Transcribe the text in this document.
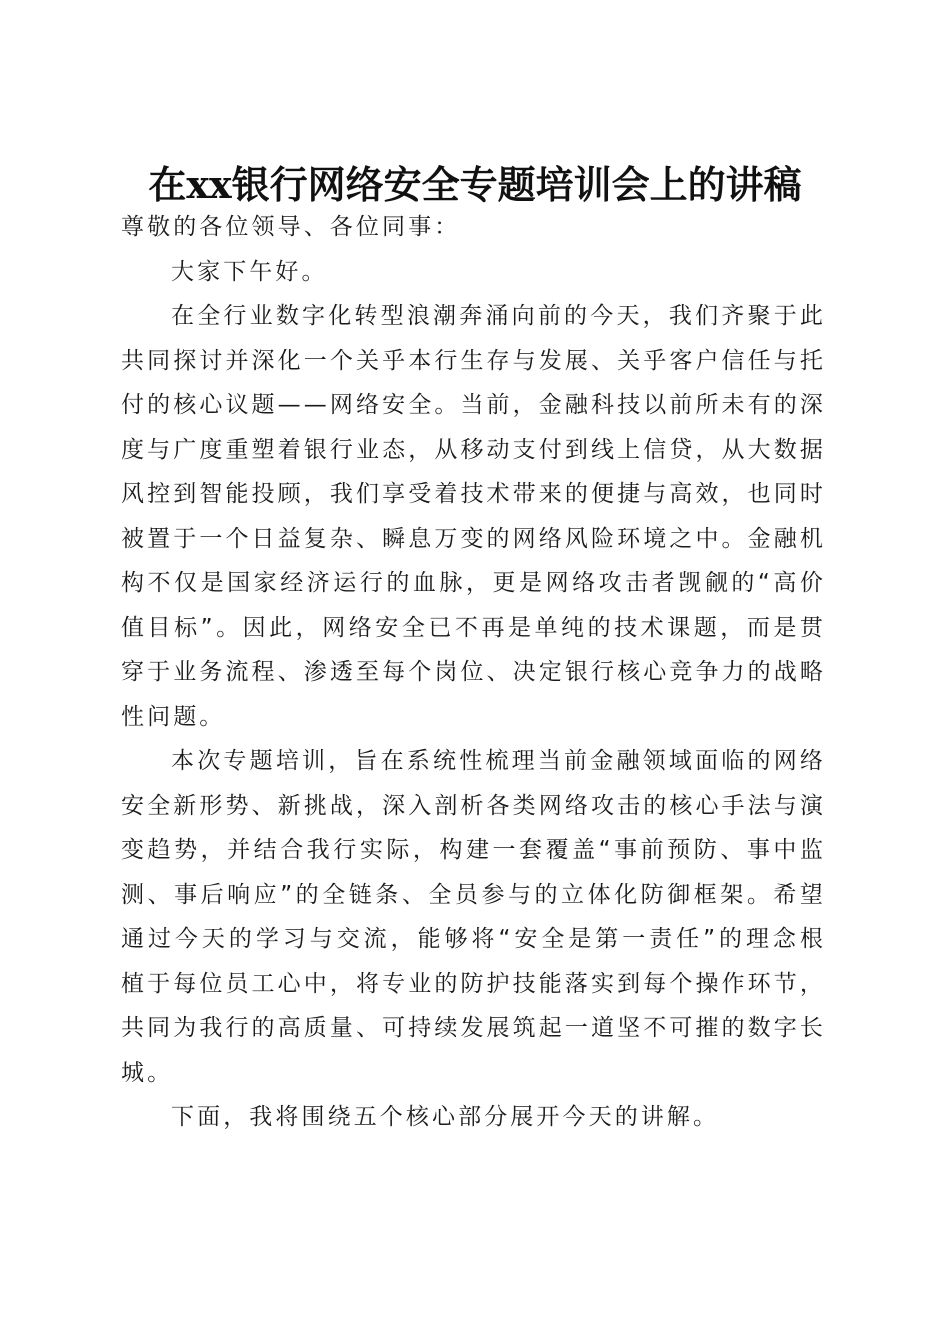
在xx银行网络安全专题培训会上的讲稿

尊敬的各位领导、各位同事：

大家下午好。

在全行业数字化转型浪潮奔涌向前的今天，我们齐聚于此共同探讨并深化一个关乎本行生存与发展、关乎客户信任与托付的核心议题——网络安全。当前，金融科技以前所未有的深度与广度重塑着银行业态，从移动支付到线上信贷，从大数据风控到智能投顾，我们享受着技术带来的便捷与高效，也同时被置于一个日益复杂、瞬息万变的网络风险环境之中。金融机构不仅是国家经济运行的血脉，更是网络攻击者觊觎的“高价值目标”。因此，网络安全已不再是单纯的技术课题，而是贯穿于业务流程、渗透至每个岗位、决定银行核心竞争力的战略性问题。

本次专题培训，旨在系统性梳理当前金融领域面临的网络安全新形势、新挑战，深入剖析各类网络攻击的核心手法与演变趋势，并结合我行实际，构建一套覆盖“事前预防、事中监测、事后响应”的全链条、全员参与的立体化防御框架。希望通过今天的学习与交流，能够将“安全是第一责任”的理念根植于每位员工心中，将专业的防护技能落实到每个操作环节，共同为我行的高质量、可持续发展筑起一道坚不可摧的数字长城。

下面，我将围绕五个核心部分展开今天的讲解。
